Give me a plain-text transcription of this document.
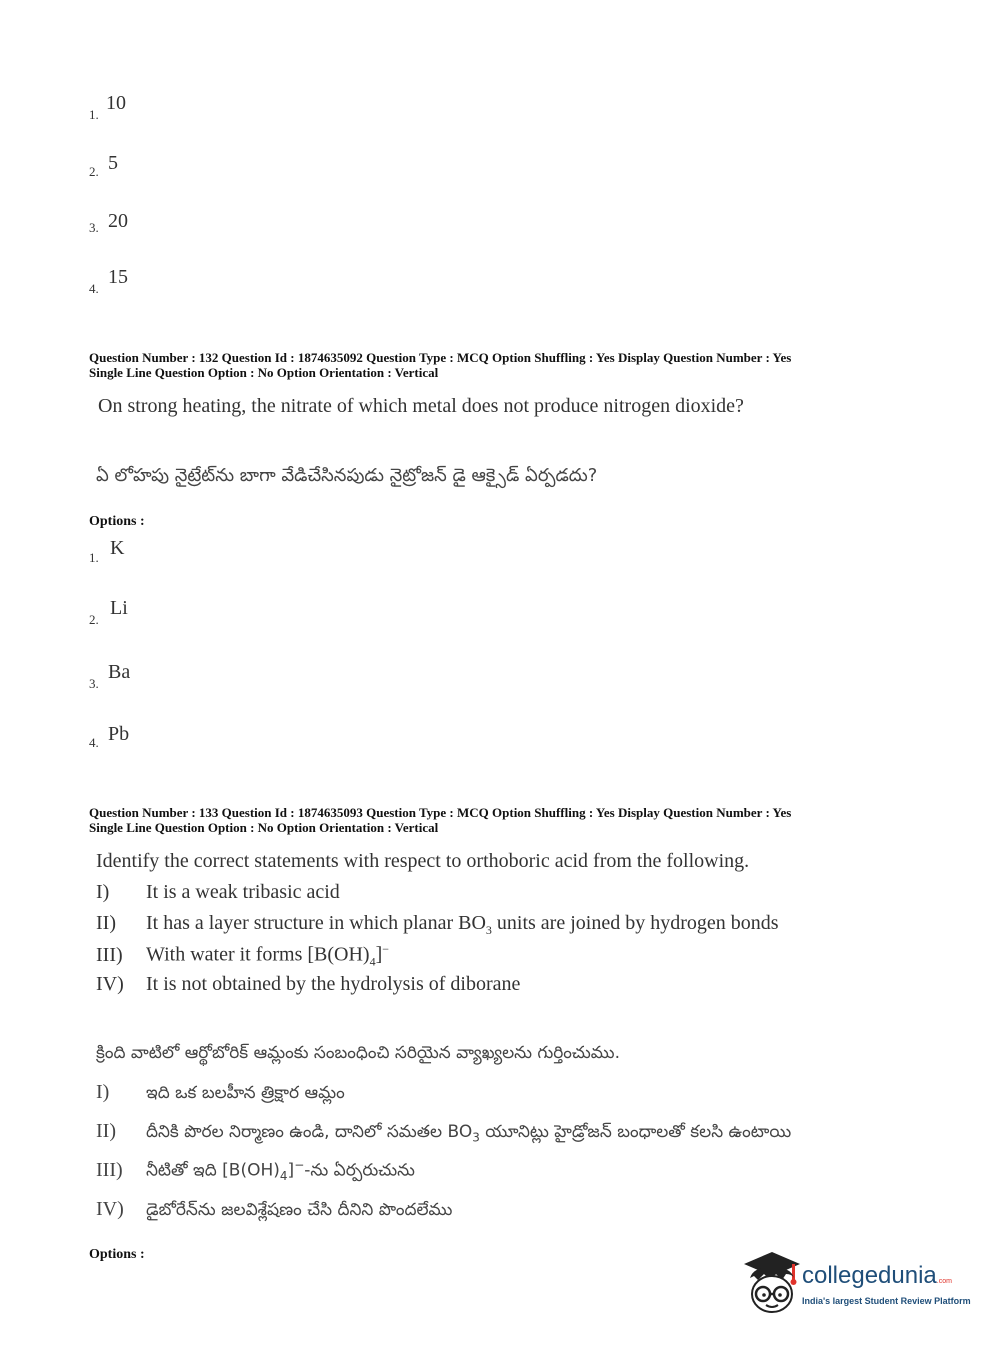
1.
10
2. 5
3. 20
4.
15
Question Number : 132 Question Id : 1874635092 Question Type : MCQ Option Shuffling : Yes Display Question Number : Yes
Single Line Question Option : No Option Orientation : Vertical
On strong heating, the nitrate of which metal does not produce nitrogen dioxide?
ఏ లోహపు నైట్రేట్‌ను బాగా వేడిచేసినపుడు నైట్రోజన్ డై ఆక్సైడ్ ఏర్పడదు?
Options :
1. K
2.
Li
3.
Ba
4. Pb
Question Number : 133 Question Id : 1874635093 Question Type : MCQ Option Shuffling : Yes Display Question Number : Yes
Single Line Question Option : No Option Orientation : Vertical
Identify the correct statements with respect to orthoboric acid from the following.
I) It is a weak tribasic acid
II) It has a layer structure in which planar $BO_3$ units are joined by hydrogen bonds
III) With water it forms $[B(OH)_4]^-$
IV) It is not obtained by the hydrolysis of diborane
క్రింది వాటిలో ఆర్థోబోరిక్ ఆమ్లంకు సంబంధించి సరియైన వ్యాఖ్యలను గుర్తించుము.
I) ఇది ఒక బలహీన త్రిక్షార ఆమ్లం
II) దీనికి పొరల నిర్మాణం ఉండి, దానిలో సమతల $BO_3$ యూనిట్లు హైడ్రోజన్ బంధాలతో కలసి ఉంటాయి
III) నీటితో ఇది $[B(OH)_4]^--ను$ ఏర్పరుచును
IV) డైబోరేన్‌ను జలవిశ్లేషణం చేసి దీనిని పొందలేము
Options :
collegedunia.com
India's largest Student Review Platform
